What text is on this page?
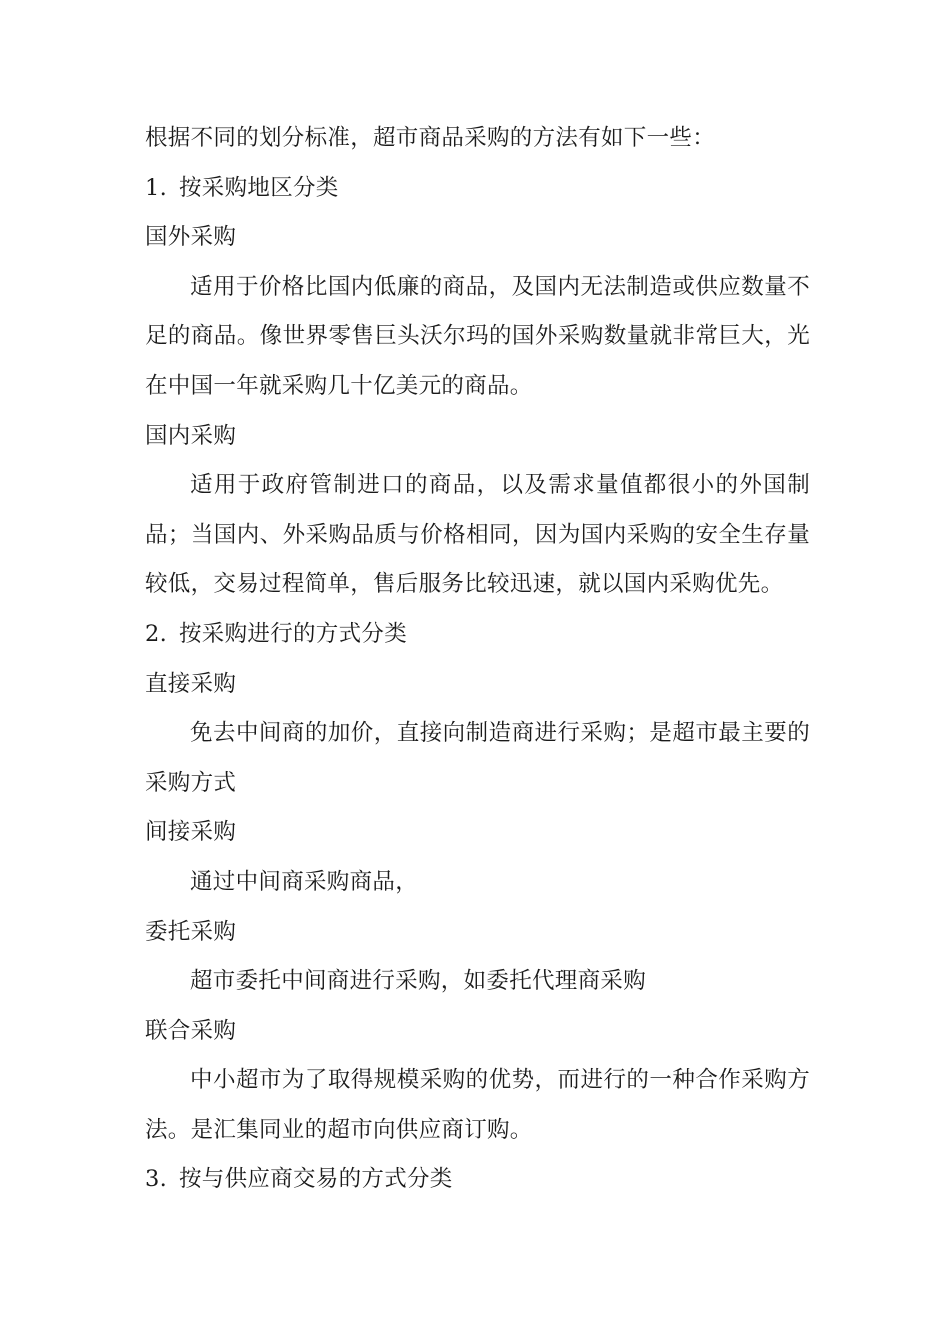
根据不同的划分标准，超市商品采购的方法有如下一些：

1. 按采购地区分类

国外采购

适用于价格比国内低廉的商品，及国内无法制造或供应数量不足的商品。像世界零售巨头沃尔玛的国外采购数量就非常巨大，光在中国一年就采购几十亿美元的商品。

国内采购

适用于政府管制进口的商品，以及需求量值都很小的外国制品；当国内、外采购品质与价格相同，因为国内采购的安全生存量较低，交易过程简单，售后服务比较迅速，就以国内采购优先。

2. 按采购进行的方式分类

直接采购

免去中间商的加价，直接向制造商进行采购；是超市最主要的采购方式

间接采购

通过中间商采购商品，

委托采购

超市委托中间商进行采购，如委托代理商采购

联合采购

中小超市为了取得规模采购的优势，而进行的一种合作采购方法。是汇集同业的超市向供应商订购。

3. 按与供应商交易的方式分类
